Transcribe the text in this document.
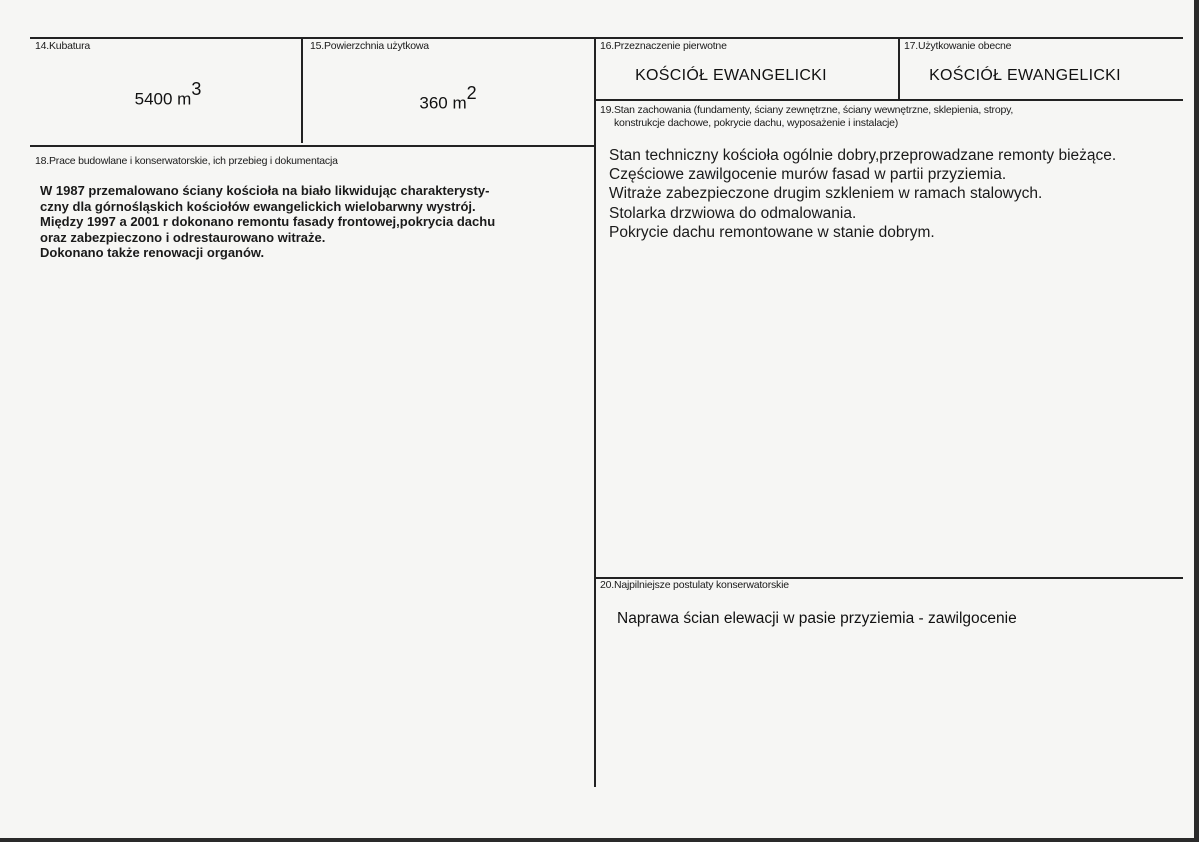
14.Kubatura
5400 $m^3$
15.Powierzchnia użytkowa
360 $m^2$
16.Przeznaczenie pierwotne
KOŚCIÓŁ EWANGELICKI
17.Użytkowanie obecne
KOŚCIÓŁ EWANGELICKI
18.Prace budowlane i konserwatorskie, ich przebieg i dokumentacja
W 1987 przemalowano ściany kościoła na biało likwidując charakterysty-
czny dla górnośląskich kościołów ewangelickich wielobarwny wystrój.
Między 1997 a 2001 r dokonano remontu fasady frontowej,pokrycia dachu
oraz zabezpieczono i odrestaurowano witraże.
Dokonano także renowacji organów.
19.Stan zachowania (fundamenty, ściany zewnętrzne, ściany wewnętrzne, sklepienia, stropy,
konstrukcje dachowe, pokrycie dachu, wyposażenie i instalacje)
Stan techniczny kościoła ogólnie dobry,przeprowadzane remonty bieżące.
Częściowe zawilgocenie murów fasad w partii przyziemia.
Witraże zabezpieczone drugim szkleniem w ramach stalowych.
Stolarka drzwiowa do odmalowania.
Pokrycie dachu remontowane w stanie dobrym.
20.Najpilniejsze postulaty konserwatorskie
Naprawa ścian elewacji w pasie przyziemia - zawilgocenie
